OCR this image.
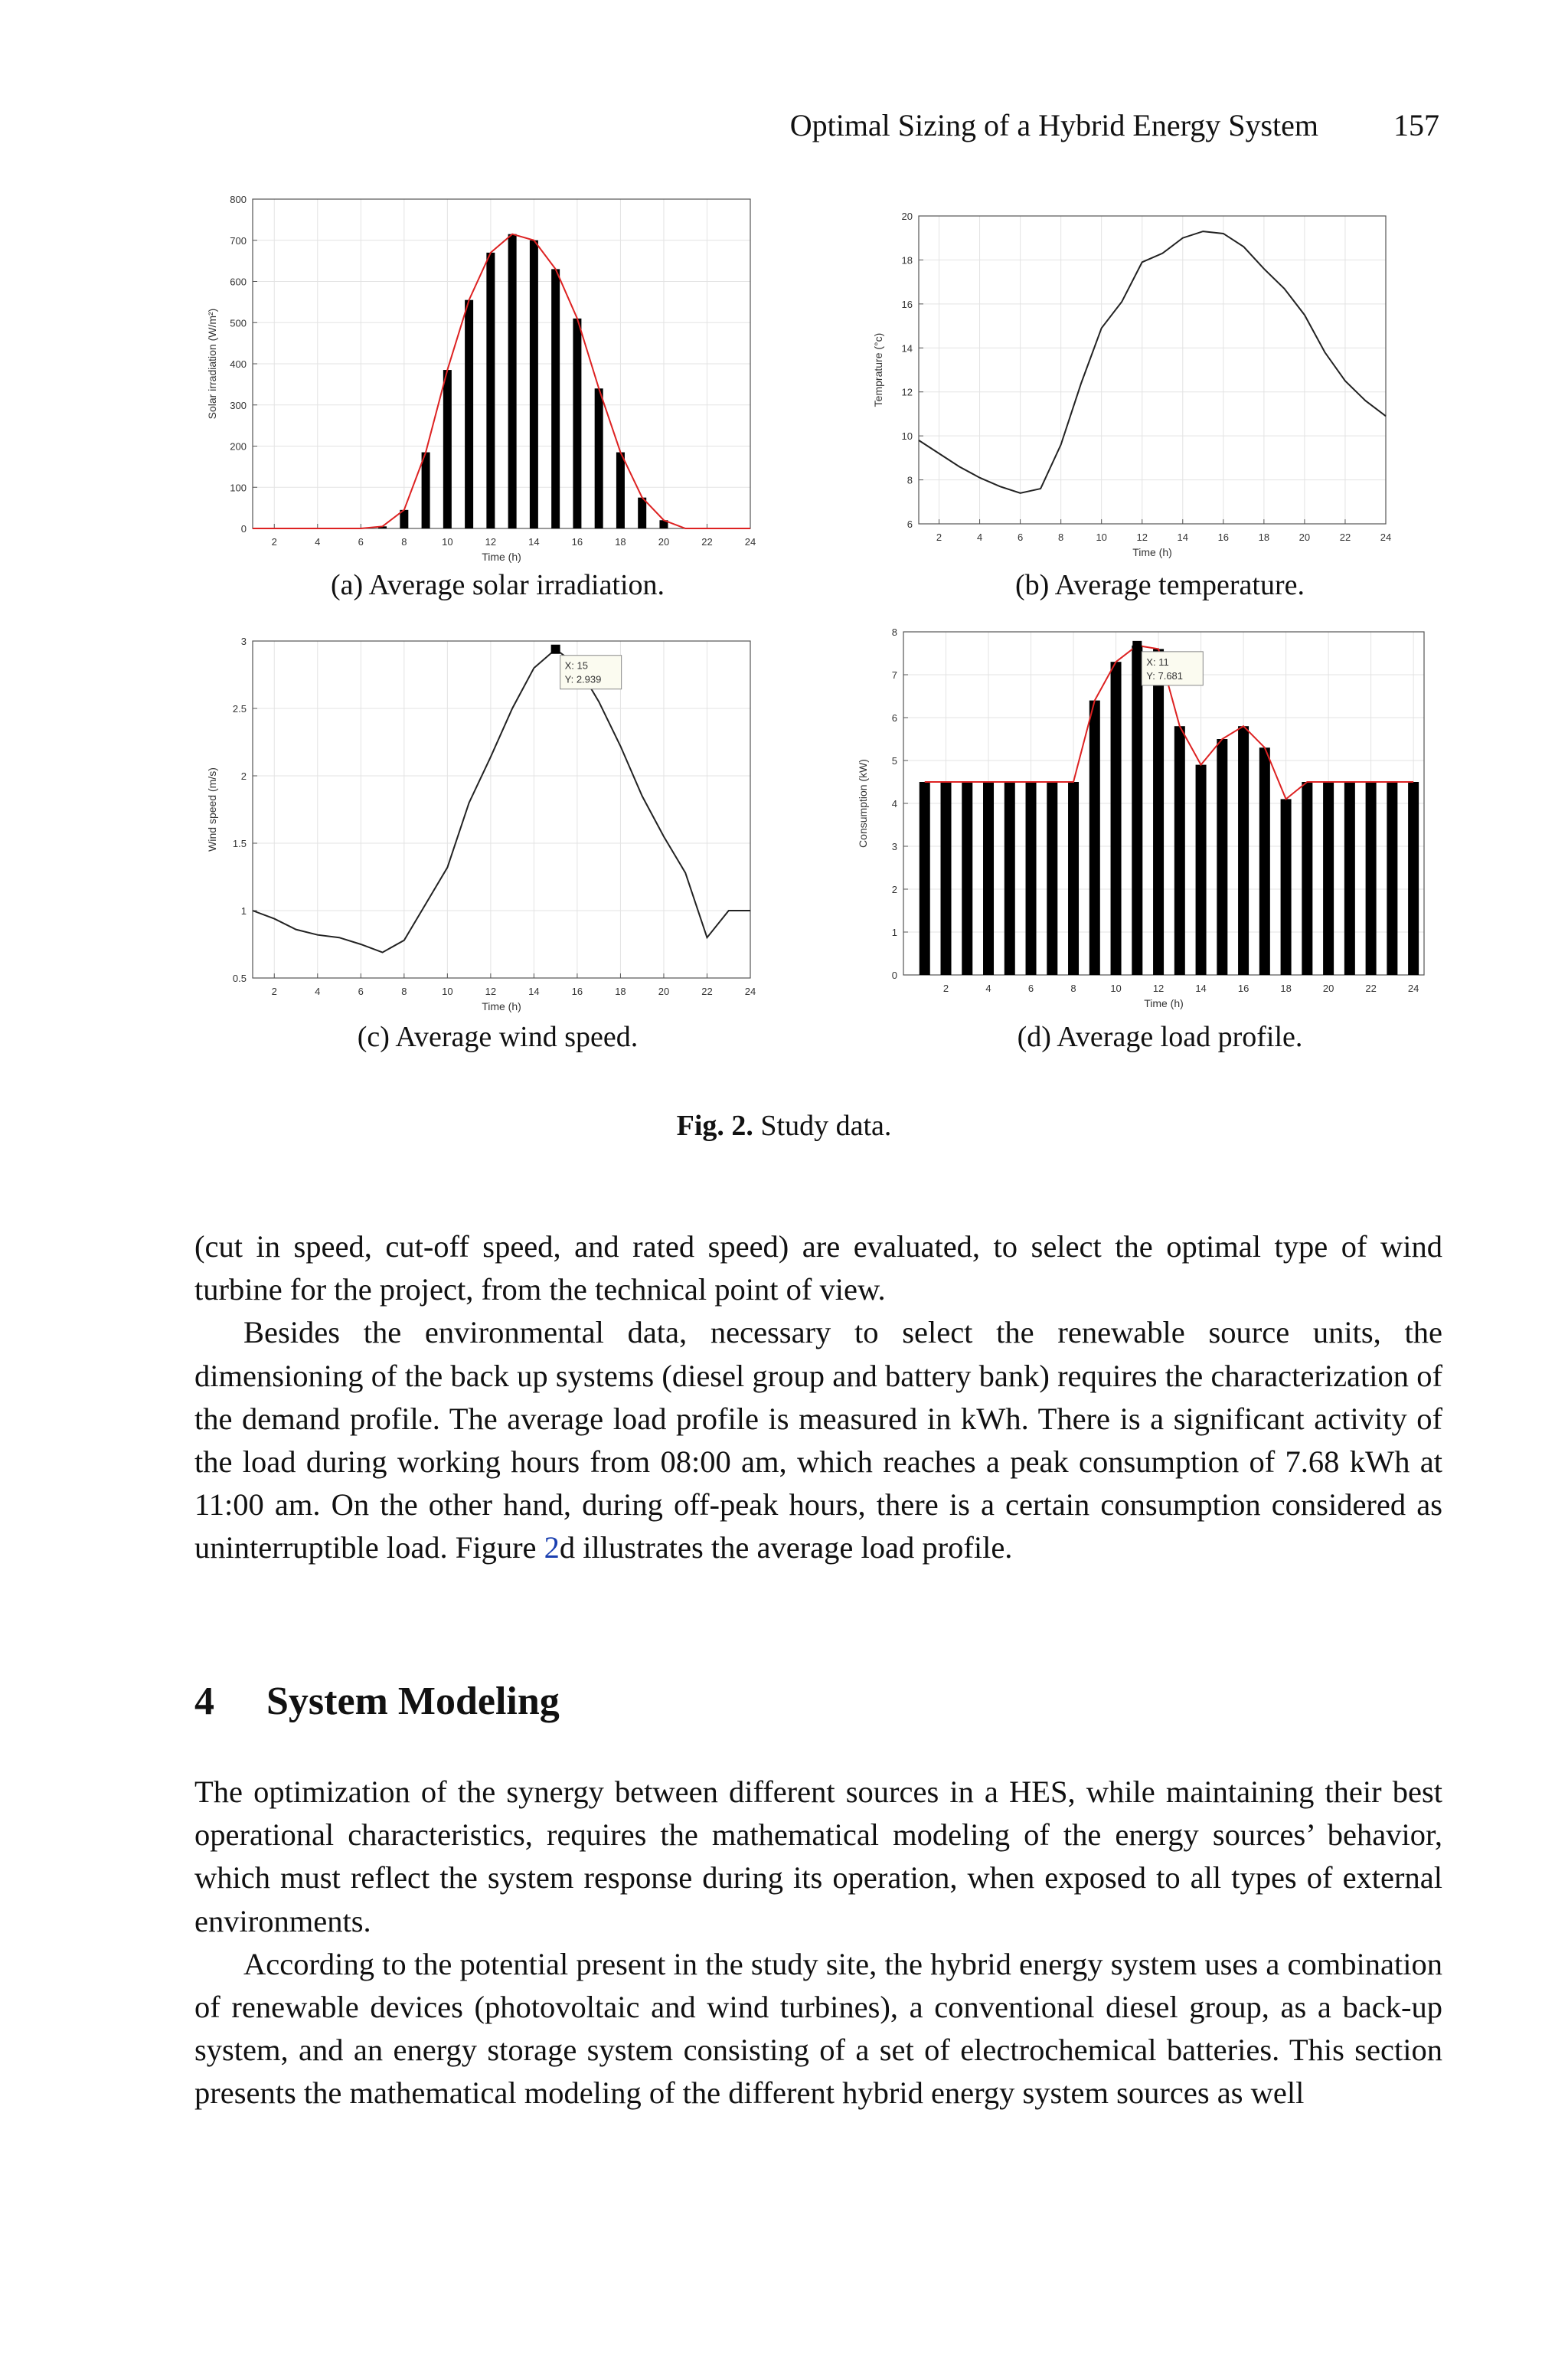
Optimal Sizing of a Hybrid Energy System 157
2	4	6	8	10	12	14	16	18	20	22	24
0
100
200
300
400
500
600
700
800
Time (h)
Solar irradiation (W/m²)
(a) Average solar irradiation.
2	4	6	8	10	12	14	16	18	20	22	24
6
8
10
12
14
16
18
20
Time (h)
Temprature (°c)
(b) Average temperature.
2	4	6	8	10	12	14	16	18	20	22	24
0.5
1
1.5
2
2.5
3
Time (h)
Wind speed (m/s)
X: 15
Y: 2.939
(c) Average wind speed.
2	4	6	8	10	12	14	16	18	20	22	24
0
1
2
3
4
5
6
7
8
Time (h)
Consumption (kW)
X: 11
Y: 7.681
(d) Average load profile.
Fig. 2. Study data.

(cut in speed, cut-off speed, and rated speed) are evaluated, to select the optimal type of wind turbine for the project, from the technical point of view.

Besides the environmental data, necessary to select the renewable source units, the dimensioning of the back up systems (diesel group and battery bank) requires the characterization of the demand profile. The average load profile is measured in kWh. There is a significant activity of the load during working hours from 08:00 am, which reaches a peak consumption of 7.68 kWh at 11:00 am. On the other hand, during off-peak hours, there is a certain consumption considered as uninterruptible load. Figure 2d illustrates the average load profile.

4 System Modeling

The optimization of the synergy between different sources in a HES, while maintaining their best operational characteristics, requires the mathematical modeling of the energy sources’ behavior, which must reflect the system response during its operation, when exposed to all types of external environments.

According to the potential present in the study site, the hybrid energy system uses a combination of renewable devices (photovoltaic and wind turbines), a conventional diesel group, as a back-up system, and an energy storage system consisting of a set of electrochemical batteries. This section presents the mathematical modeling of the different hybrid energy system sources as well
